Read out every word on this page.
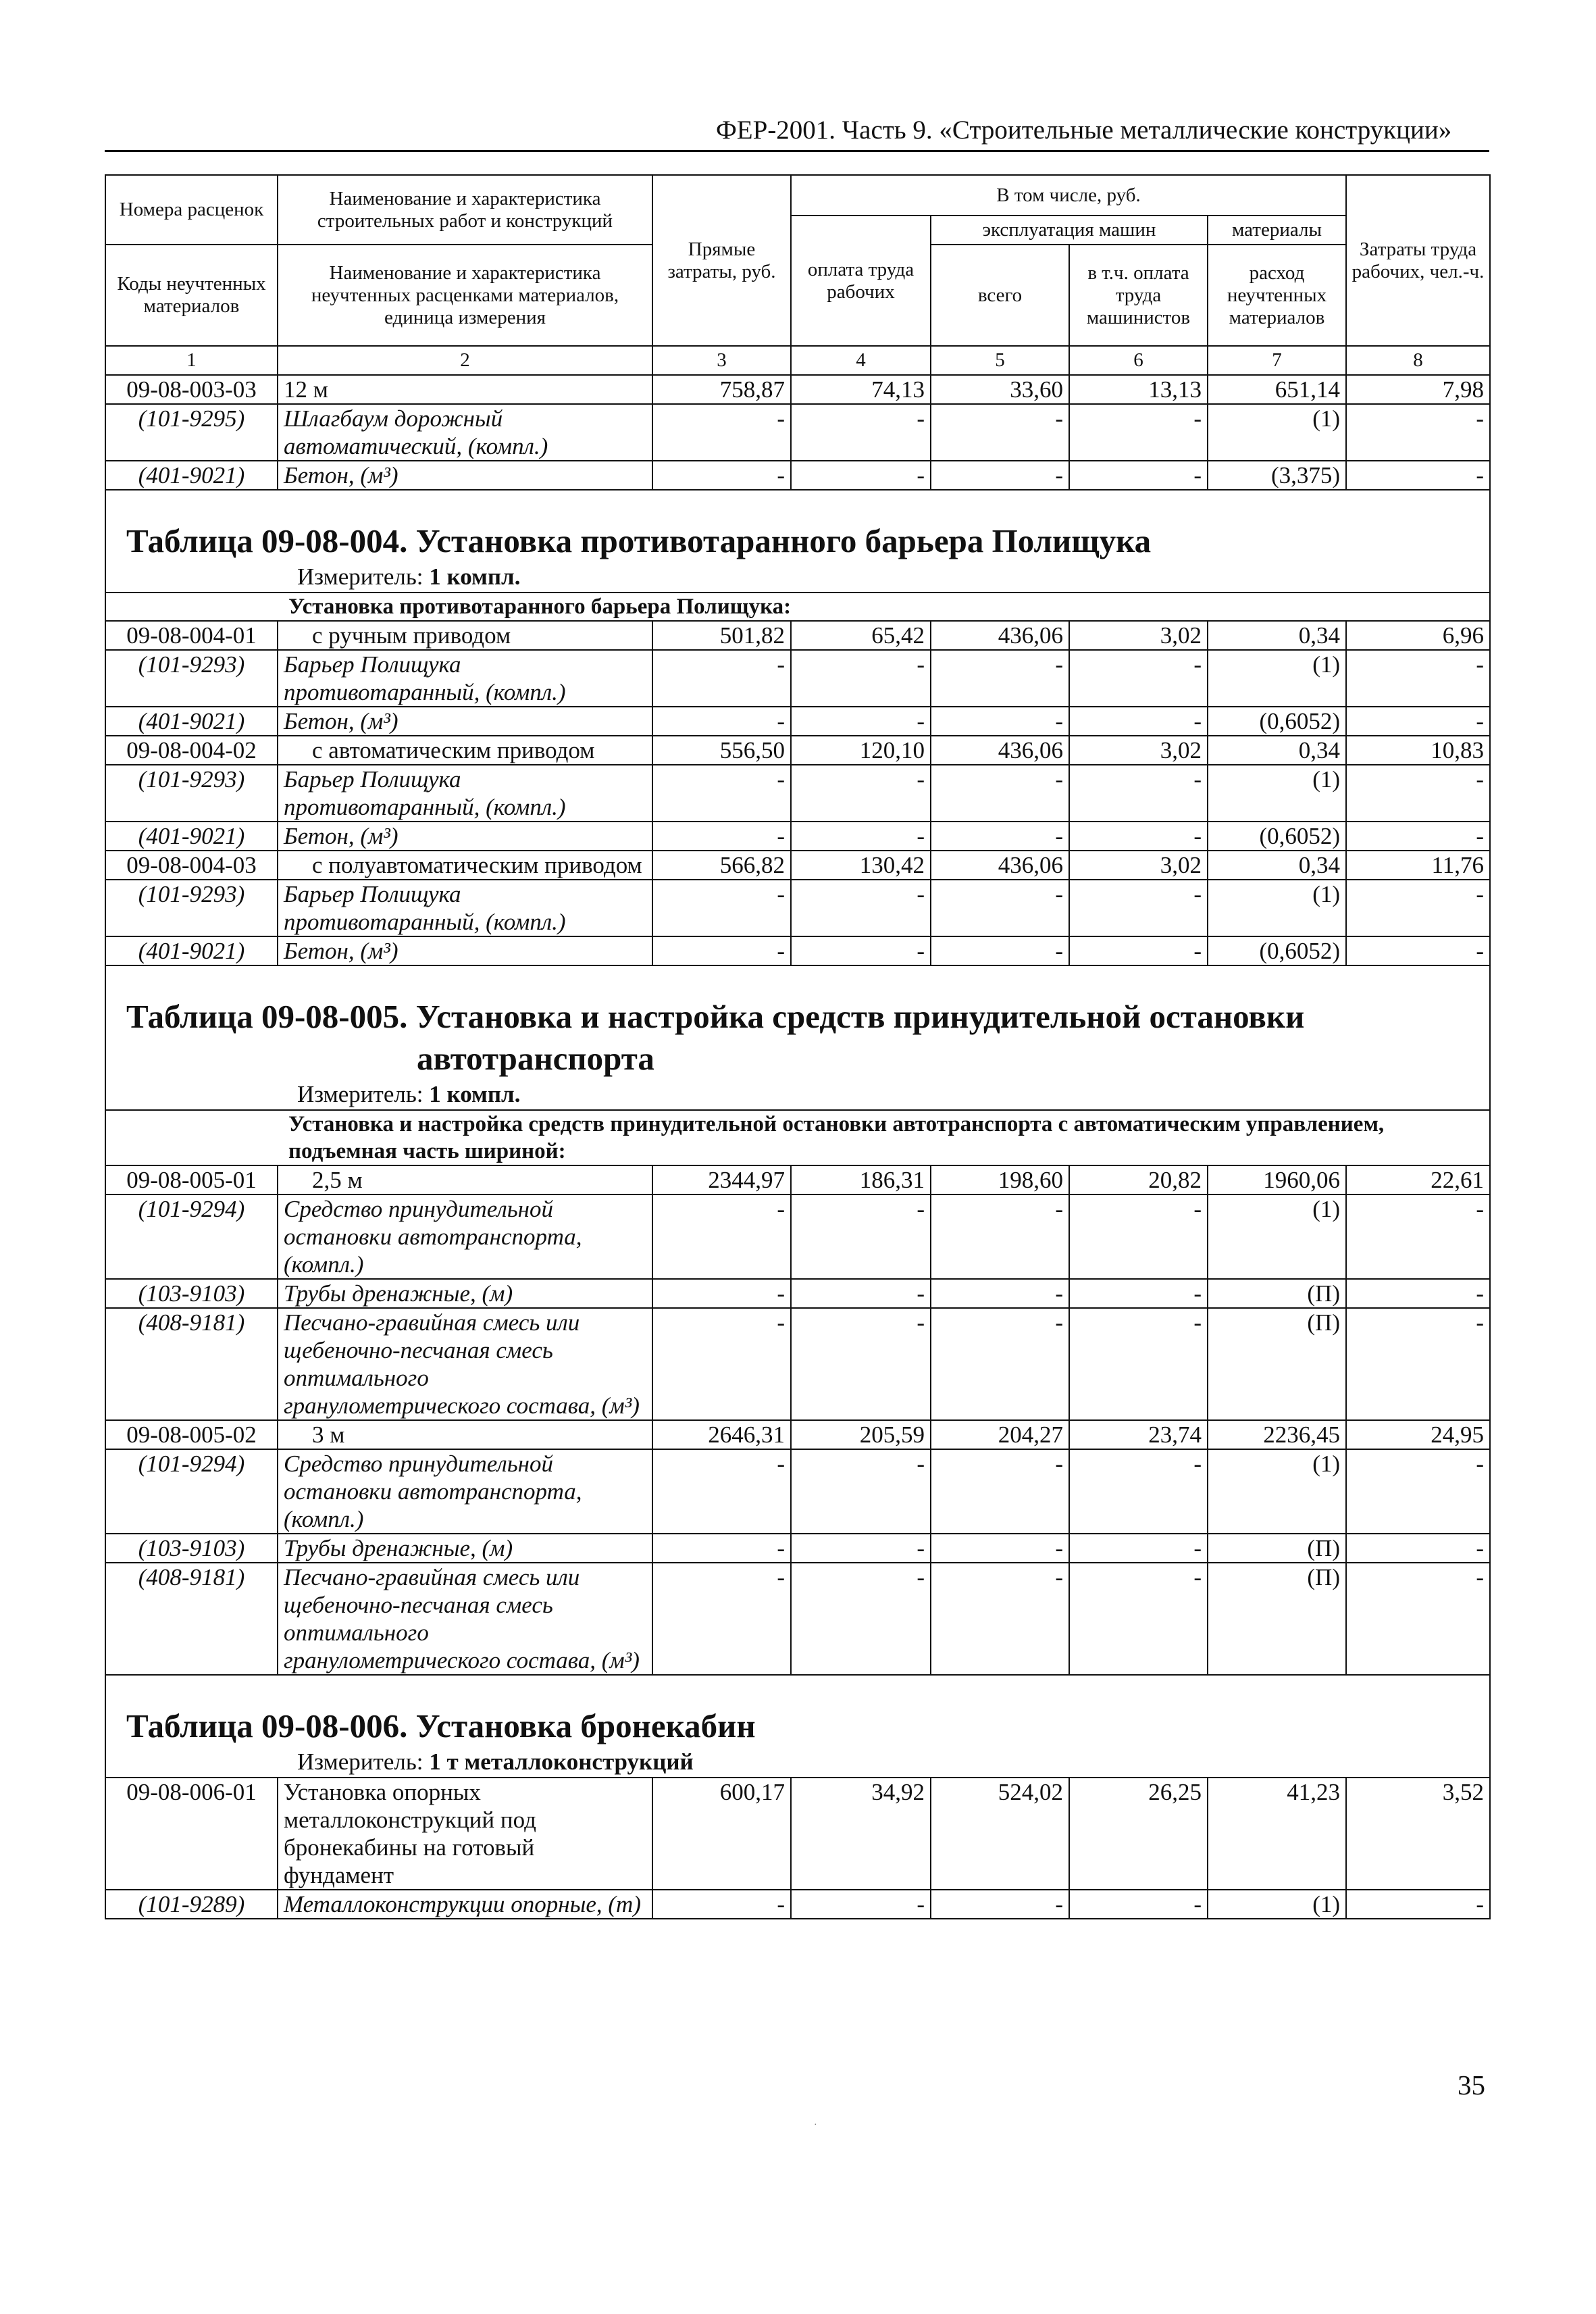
ФЕР-2001. Часть 9. «Строительные металлические конструкции»
Номера расценок	Наименование и характеристика строительных работ и конструкций	Прямые затраты, руб.	В том числе, руб.				Затраты труда рабочих, чел.-ч.
			оплата труда рабочих	эксплуатация машин		материалы	
Коды неучтенных материалов	Наименование и характеристика неучтенных расценками материалов, единица измерения			всего	в т.ч. оплата труда машинистов	расход неучтенных материалов	

1	2	3	4	5	6	7	8
09-08-003-03	12 м	758,87	74,13	33,60	13,13	651,14	7,98
(101-9295)	Шлагбаум дорожный автоматический, (компл.)	-	-	-	-	(1)	-
(401-9021)	Бетон, (м³)	-	-	-	-	(3,375)	-

Таблица 09-08-004. Установка противотаранного барьера Полищука
Измеритель: 1 компл.							

Установка противотаранного барьера Полищука:							
09-08-004-01	с ручным приводом	501,82	65,42	436,06	3,02	0,34	6,96
(101-9293)	Барьер Полищука противотаранный, (компл.)	-	-	-	-	(1)	-
(401-9021)	Бетон, (м³)	-	-	-	-	(0,6052)	-
09-08-004-02	с автоматическим приводом	556,50	120,10	436,06	3,02	0,34	10,83
(101-9293)	Барьер Полищука противотаранный, (компл.)	-	-	-	-	(1)	-
(401-9021)	Бетон, (м³)	-	-	-	-	(0,6052)	-
09-08-004-03	с полуавтоматическим приводом	566,82	130,42	436,06	3,02	0,34	11,76
(101-9293)	Барьер Полищука противотаранный, (компл.)	-	-	-	-	(1)	-
(401-9021)	Бетон, (м³)	-	-	-	-	(0,6052)	-

Таблица 09-08-005. Установка и настройка средств принудительной остановки
автотранспорта
Измеритель: 1 компл.							

Установка и настройка средств принудительной остановки автотранспорта с автоматическим управлением, подъемная часть шириной:							
09-08-005-01	2,5 м	2344,97	186,31	198,60	20,82	1960,06	22,61
(101-9294)	Средство принудительной остановки автотранспорта, (компл.)	-	-	-	-	(1)	-
(103-9103)	Трубы дренажные, (м)	-	-	-	-	(П)	-
(408-9181)	Песчано-гравийная смесь или щебеночно-песчаная смесь оптимального гранулометрического состава, (м³)	-	-	-	-	(П)	-
09-08-005-02	3 м	2646,31	205,59	204,27	23,74	2236,45	24,95
(101-9294)	Средство принудительной остановки автотранспорта, (компл.)	-	-	-	-	(1)	-
(103-9103)	Трубы дренажные, (м)	-	-	-	-	(П)	-
(408-9181)	Песчано-гравийная смесь или щебеночно-песчаная смесь оптимального гранулометрического состава, (м³)	-	-	-	-	(П)	-

Таблица 09-08-006. Установка бронекабин
Измеритель: 1 т металлоконструкций							

09-08-006-01	Установка опорных металлоконструкций под бронекабины на готовый фундамент	600,17	34,92	524,02	26,25	41,23	3,52
(101-9289)	Металлоконструкции опорные, (т)	-	-	-	-	(1)	-
·
35
